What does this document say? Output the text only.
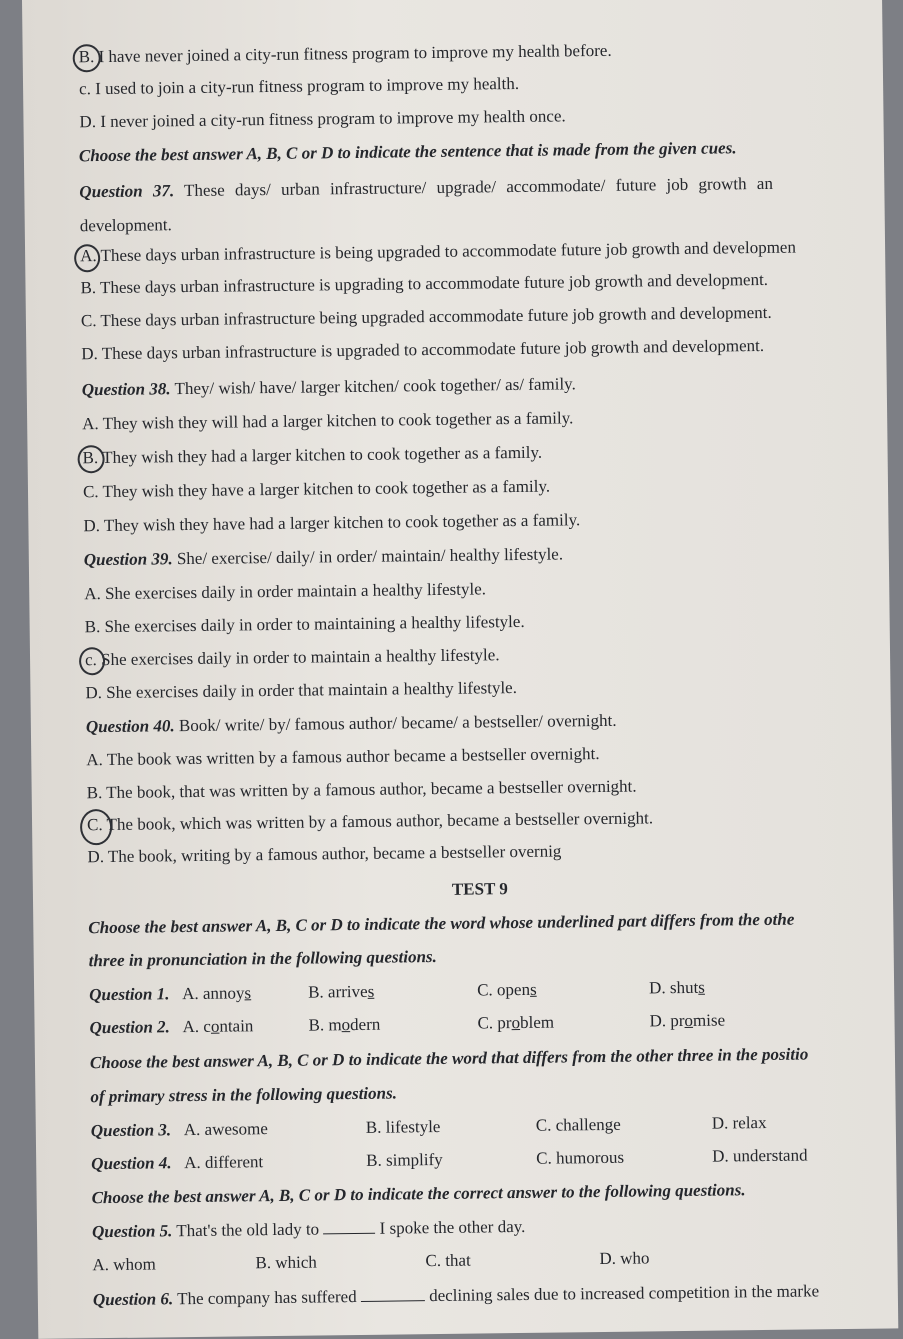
B. I have never joined a city-run fitness program to improve my health before.
c. I used to join a city-run fitness program to improve my health.
D. I never joined a city-run fitness program to improve my health once.
Choose the best answer A, B, C or D to indicate the sentence that is made from the given cues.
Question 37. These days/ urban infrastructure/ upgrade/ accommodate/ future job growth an
development.
A. These days urban infrastructure is being upgraded to accommodate future job growth and developmen
B. These days urban infrastructure is upgrading to accommodate future job growth and development.
C. These days urban infrastructure being upgraded accommodate future job growth and development.
D. These days urban infrastructure is upgraded to accommodate future job growth and development.
Question 38. They/ wish/ have/ larger kitchen/ cook together/ as/ family.
A. They wish they will had a larger kitchen to cook together as a family.
B. They wish they had a larger kitchen to cook together as a family.
C. They wish they have a larger kitchen to cook together as a family.
D. They wish they have had a larger kitchen to cook together as a family.
Question 39. She/ exercise/ daily/ in order/ maintain/ healthy lifestyle.
A. She exercises daily in order maintain a healthy lifestyle.
B. She exercises daily in order to maintaining a healthy lifestyle.
c. She exercises daily in order to maintain a healthy lifestyle.
D. She exercises daily in order that maintain a healthy lifestyle.
Question 40. Book/ write/ by/ famous author/ became/ a bestseller/ overnight.
A. The book was written by a famous author became a bestseller overnight.
B. The book, that was written by a famous author, became a bestseller overnight.
C. The book, which was written by a famous author, became a bestseller overnight.
D. The book, writing by a famous author, became a bestseller overnig
TEST 9
Choose the best answer A, B, C or D to indicate the word whose underlined part differs from the othe
three in pronunciation in the following questions.
Question 1. A. annoys	B. arrives	C. opens	D. shuts
Question 2. A. contain	B. modern	C. problem	D. promise
Choose the best answer A, B, C or D to indicate the word that differs from the other three in the positio
of primary stress in the following questions.
Question 3. A. awesome	B. lifestyle	C. challenge	D. relax
Question 4. A. different	B. simplify	C. humorous	D. understand
Choose the best answer A, B, C or D to indicate the correct answer to the following questions.
Question 5. That's the old lady to	I spoke the other day.
A. whom	B. which	C. that	D. who
Question 6. The company has suffered	declining sales due to increased competition in the marke
